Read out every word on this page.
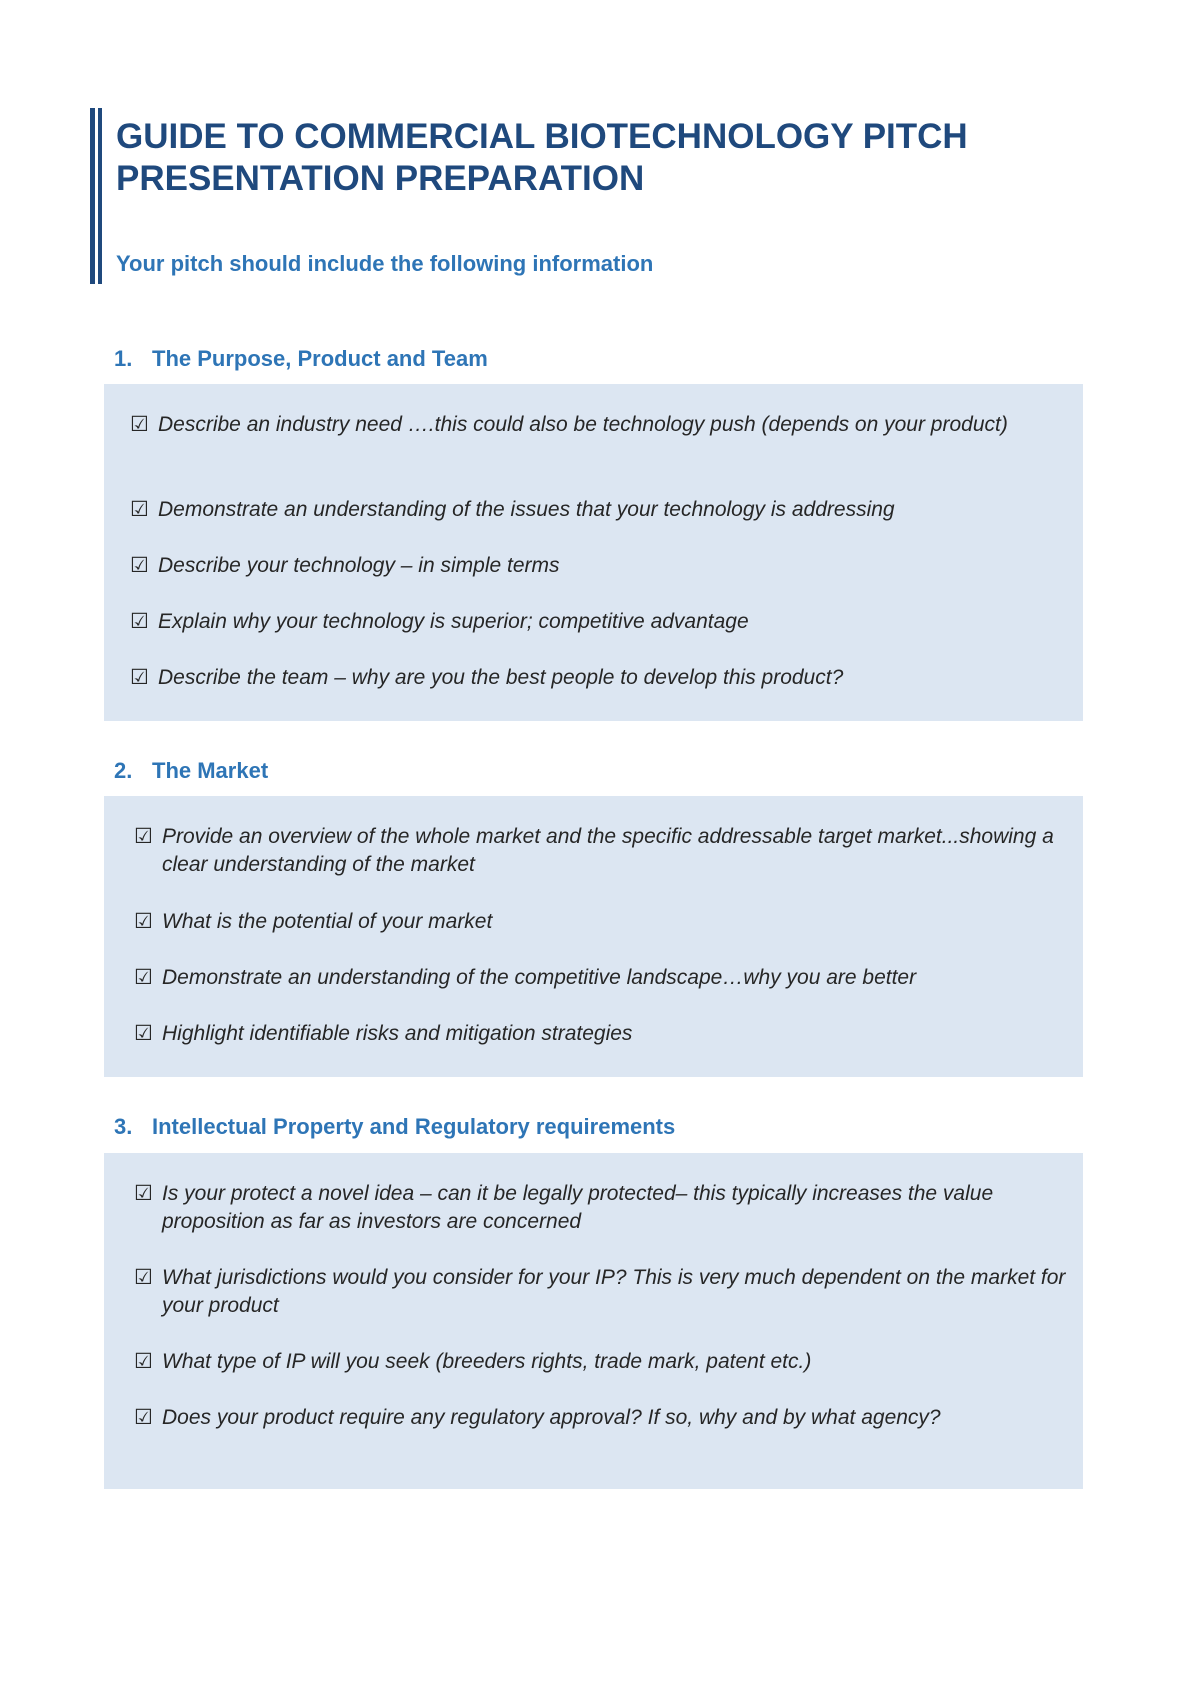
GUIDE TO COMMERCIAL BIOTECHNOLOGY PITCH PRESENTATION PREPARATION

Your pitch should include the following information

1. The Purpose, Product and Team
☑ Describe an industry need ….this could also be technology push (depends on your product)
☑ Demonstrate an understanding of the issues that your technology is addressing
☑ Describe your technology – in simple terms
☑ Explain why your technology is superior; competitive advantage
☑ Describe the team – why are you the best people to develop this product?
2. The Market
☑ Provide an overview of the whole market and the specific addressable target market...showing a clear understanding of the market
☑ What is the potential of your market
☑ Demonstrate an understanding of the competitive landscape…why you are better
☑ Highlight identifiable risks and mitigation strategies
3. Intellectual Property and Regulatory requirements
☑ Is your protect a novel idea – can it be legally protected– this typically increases the value proposition as far as investors are concerned
☑ What jurisdictions would you consider for your IP? This is very much dependent on the market for your product
☑ What type of IP will you seek (breeders rights, trade mark, patent etc.)
☑ Does your product require any regulatory approval? If so, why and by what agency?
